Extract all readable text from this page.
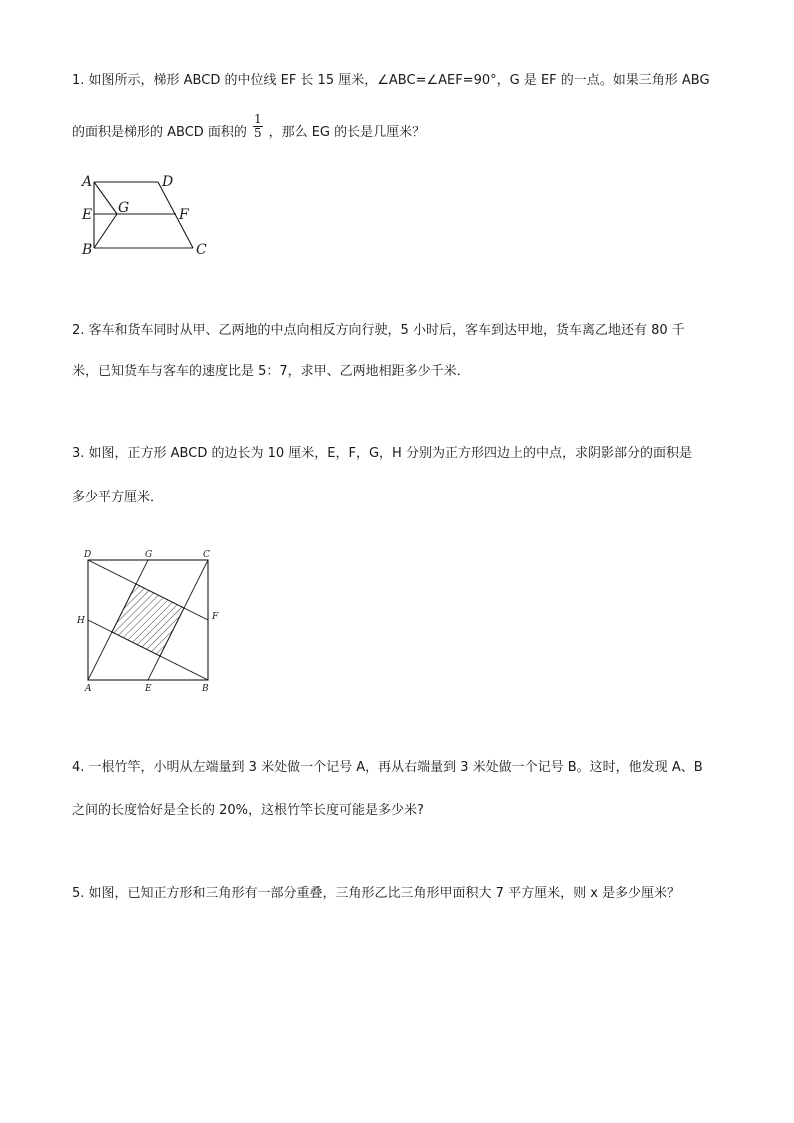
1. 如图所示，梯形 ABCD 的中位线 EF 长 15 厘米，∠ABC=∠AEF=90°，G 是 EF 的一点。如果三角形 ABG
的面积是梯形的 ABCD 面积的 $\frac{1}{5}$ ，那么 EG 的长是几厘米？
A	D
E G	F
B	C
2. 客车和货车同时从甲、乙两地的中点向相反方向行驶，5 小时后，客车到达甲地，货车离乙地还有 80 千
米，已知货车与客车的速度比是 5：7，求甲、乙两地相距多少千米．
3. 如图，正方形 ABCD 的边长为 10 厘米，E，F，G，H 分别为正方形四边上的中点，求阴影部分的面积是
多少平方厘米．
D	G	C
H	F
A	E	B
4. 一根竹竿，小明从左端量到 3 米处做一个记号 A，再从右端量到 3 米处做一个记号 B。这时，他发现 A、B
之间的长度恰好是全长的 20%，这根竹竿长度可能是多少米?
5. 如图，已知正方形和三角形有一部分重叠，三角形乙比三角形甲面积大 7 平方厘米，则 x 是多少厘米？
